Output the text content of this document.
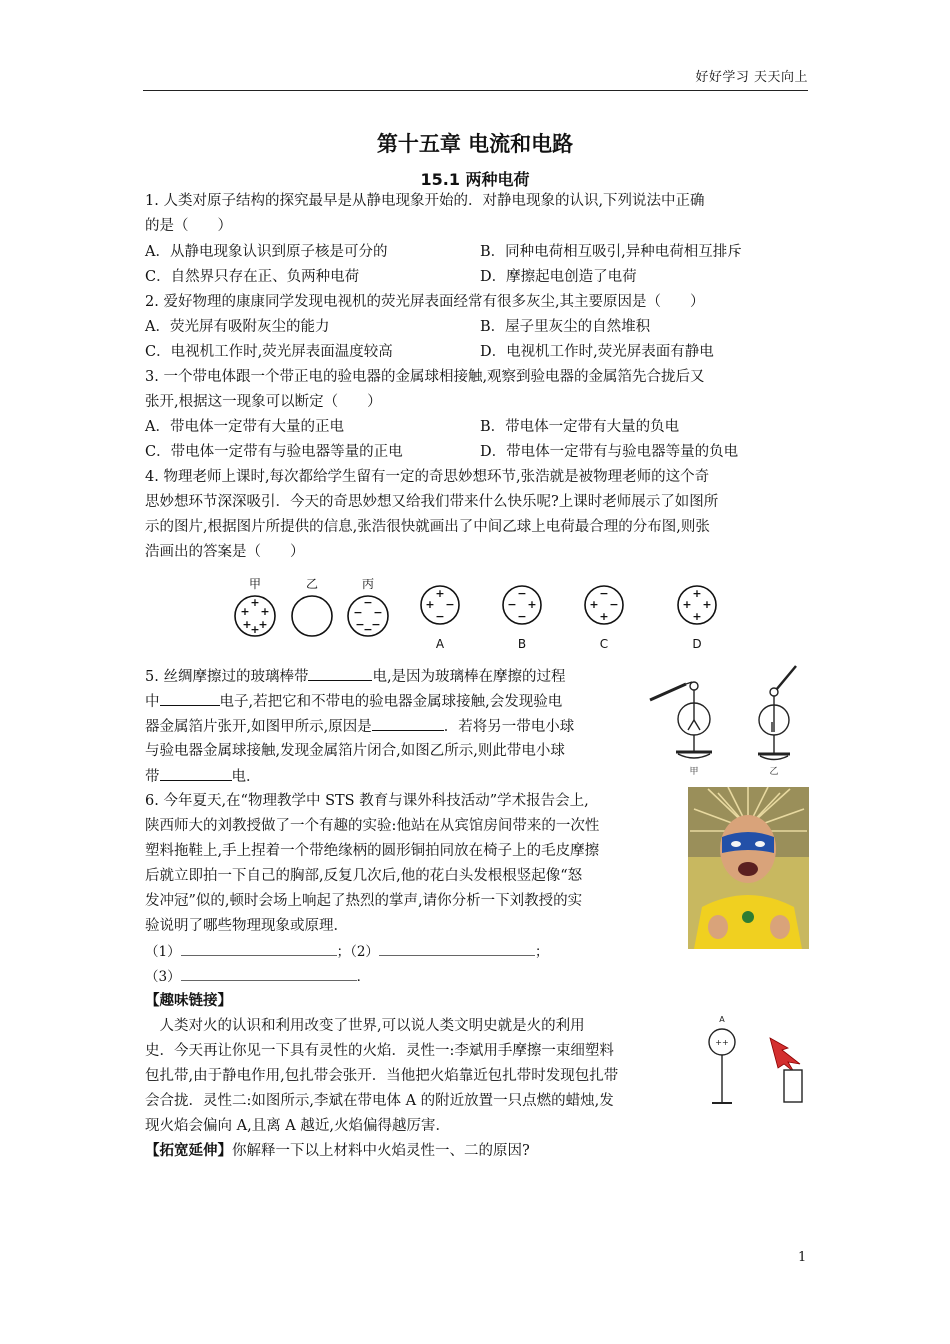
好好学习 天天向上
第十五章 电流和电路
15.1 两种电荷
1. 人类对原子结构的探究最早是从静电现象开始的．对静电现象的认识,下列说法中正确
的是（　　）
A．从静电现象认识到原子核是可分的	B．同种电荷相互吸引,异种电荷相互排斥
C．自然界只存在正、负两种电荷	D．摩擦起电创造了电荷
2. 爱好物理的康康同学发现电视机的荧光屏表面经常有很多灰尘,其主要原因是（　　）
A．荧光屏有吸附灰尘的能力	B．屋子里灰尘的自然堆积
C．电视机工作时,荧光屏表面温度较高	D．电视机工作时,荧光屏表面有静电
3. 一个带电体跟一个带正电的验电器的金属球相接触,观察到验电器的金属箔先合拢后又
张开,根据这一现象可以断定（　　）
A．带电体一定带有大量的正电	B．带电体一定带有大量的负电
C．带电体一定带有与验电器等量的正电	D．带电体一定带有与验电器等量的负电
4. 物理老师上课时,每次都给学生留有一定的奇思妙想环节,张浩就是被物理老师的这个奇
思妙想环节深深吸引．今天的奇思妙想又给我们带来什么快乐呢?上课时老师展示了如图所
示的图片,根据图片所提供的信息,张浩很快就画出了中间乙球上电荷最合理的分布图,则张
浩画出的答案是（　　）
甲	乙	丙
+
+ +
+ +
+
−
− −
− −
−
+
+ −
−
−
− +
−
−
+ −
+
+
+ +
+
A	B	C	D
5. 丝绸摩擦过的玻璃棒带	电,是因为玻璃棒在摩擦的过程
中	电子,若把它和不带电的验电器金属球接触,会发现验电
器金属箔片张开,如图甲所示,原因是	．若将另一带电小球
与验电器金属球接触,发现金属箔片闭合,如图乙所示,则此带电小球
带	电．	甲	乙
6. 今年夏天,在“物理教学中 STS 教育与课外科技活动”学术报告会上,
陕西师大的刘教授做了一个有趣的实验:他站在从宾馆房间带来的一次性
塑料拖鞋上,手上捏着一个带绝缘柄的圆形铜拍同放在椅子上的毛皮摩擦
后就立即拍一下自己的胸部,反复几次后,他的花白头发根根竖起像“怒
发冲冠”似的,顿时会场上响起了热烈的掌声,请你分析一下刘教授的实
验说明了哪些物理现象或原理．
（1）	；（2）	；
（3）	．
【趣味链接】
　人类对火的认识和利用改变了世界,可以说人类文明史就是火的利用
史．今天再让你见一下具有灵性的火焰．灵性一:李斌用手摩擦一束细塑料
包扎带,由于静电作用,包扎带会张开．当他把火焰靠近包扎带时发现包扎带
会合拢．灵性二:如图所示,李斌在带电体 A 的附近放置一只点燃的蜡烛,发
现火焰会偏向 A,且离 A 越近,火焰偏得越厉害．
A
++
【拓宽延伸】你解释一下以上材料中火焰灵性一、二的原因?
1
